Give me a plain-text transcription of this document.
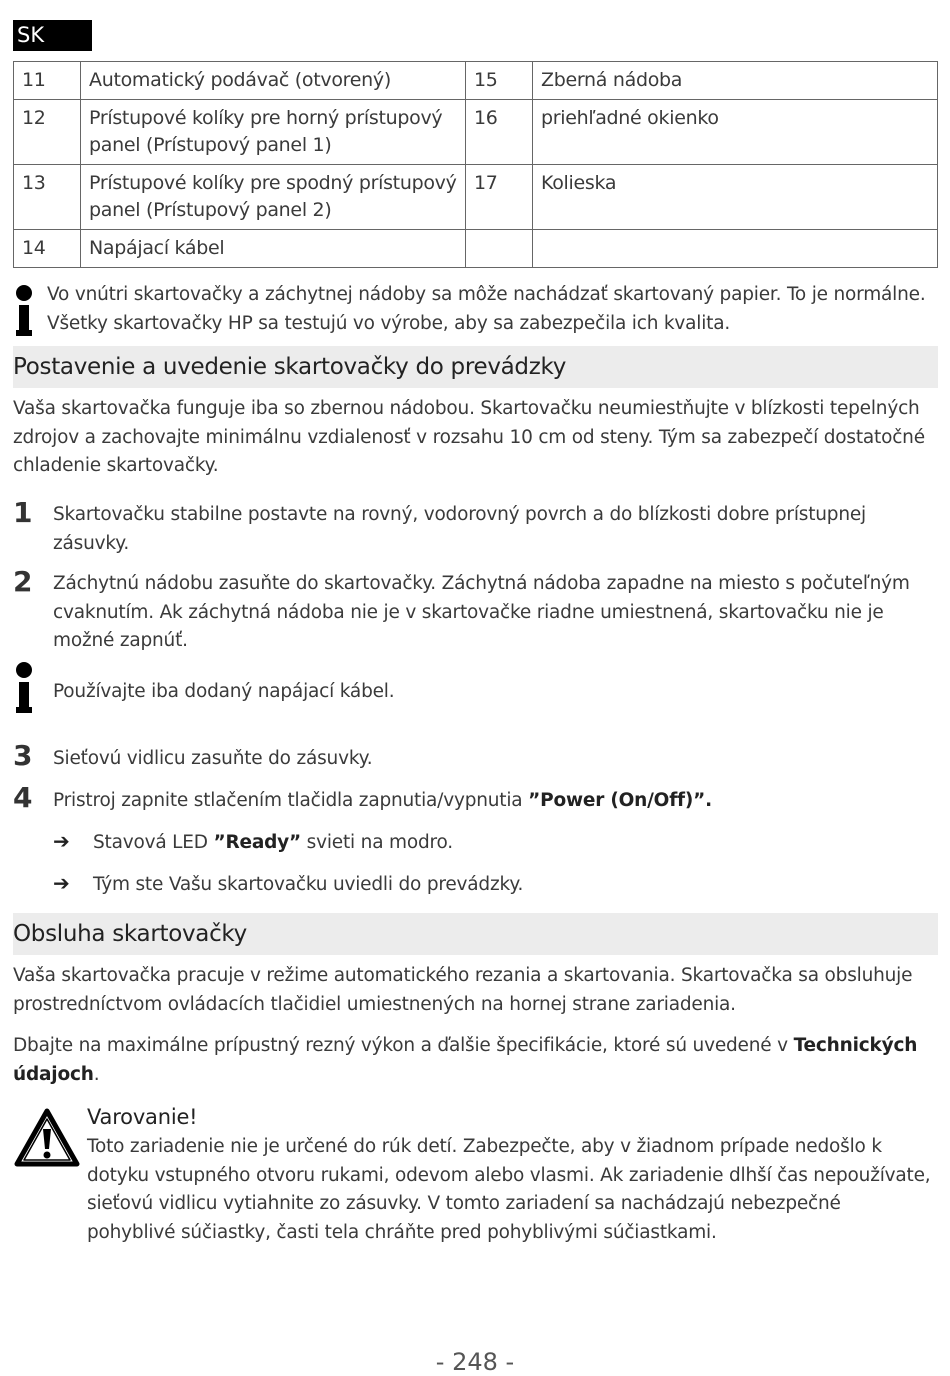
SK
11	Automatický podávač (otvorený)	15	Zberná nádoba
12	Prístupové kolíky pre horný prístupový panel (Prístupový panel 1)	16	priehľadné okienko
13	Prístupové kolíky pre spodný prístupový panel (Prístupový panel 2)	17	Kolieska
14	Napájací kábel		
Vo vnútri skartovačky a záchytnej nádoby sa môže nachádzať skartovaný papier. To je normálne. Všetky skartovačky HP sa testujú vo výrobe, aby sa zabezpečila ich kvalita.
Postavenie a uvedenie skartovačky do prevádzky
Vaša skartovačka funguje iba so zbernou nádobou. Skartovačku neumiestňujte v blízkosti tepelných zdrojov a zachovajte minimálnu vzdialenosť v rozsahu 10 cm od steny. Tým sa zabezpečí dostatočné chladenie skartovačky.
1 Skartovačku stabilne postavte na rovný, vodorovný povrch a do blízkosti dobre prístupnej zásuvky.
2 Záchytnú nádobu zasuňte do skartovačky. Záchytná nádoba zapadne na miesto s počuteľným cvaknutím. Ak záchytná nádoba nie je v skartovačke riadne umiestnená, skartovačku nie je možné zapnúť.
Používajte iba dodaný napájací kábel.
3 Sieťovú vidlicu zasuňte do zásuvky.
4 Pristroj zapnite stlačením tlačidla zapnutia/vypnutia ”Power (On/Off)”.
➔ Stavová LED ”Ready” svieti na modro.
➔ Tým ste Vašu skartovačku uviedli do prevádzky.
Obsluha skartovačky
Vaša skartovačka pracuje v režime automatického rezania a skartovania. Skartovačka sa obsluhuje prostredníctvom ovládacích tlačidiel umiestnených na hornej strane zariadenia.
Dbajte na maximálne prípustný rezný výkon a ďalšie špecifikácie, ktoré sú uvedené v Technických údajoch.
Varovanie!
Toto zariadenie nie je určené do rúk detí. Zabezpečte, aby v žiadnom prípade nedošlo k dotyku vstupného otvoru rukami, odevom alebo vlasmi. Ak zariadenie dlhší čas nepoužívate, sieťovú vidlicu vytiahnite zo zásuvky. V tomto zariadení sa nachádzajú nebezpečné pohyblivé súčiastky, časti tela chráňte pred pohyblivými súčiastkami.
- 248 -
